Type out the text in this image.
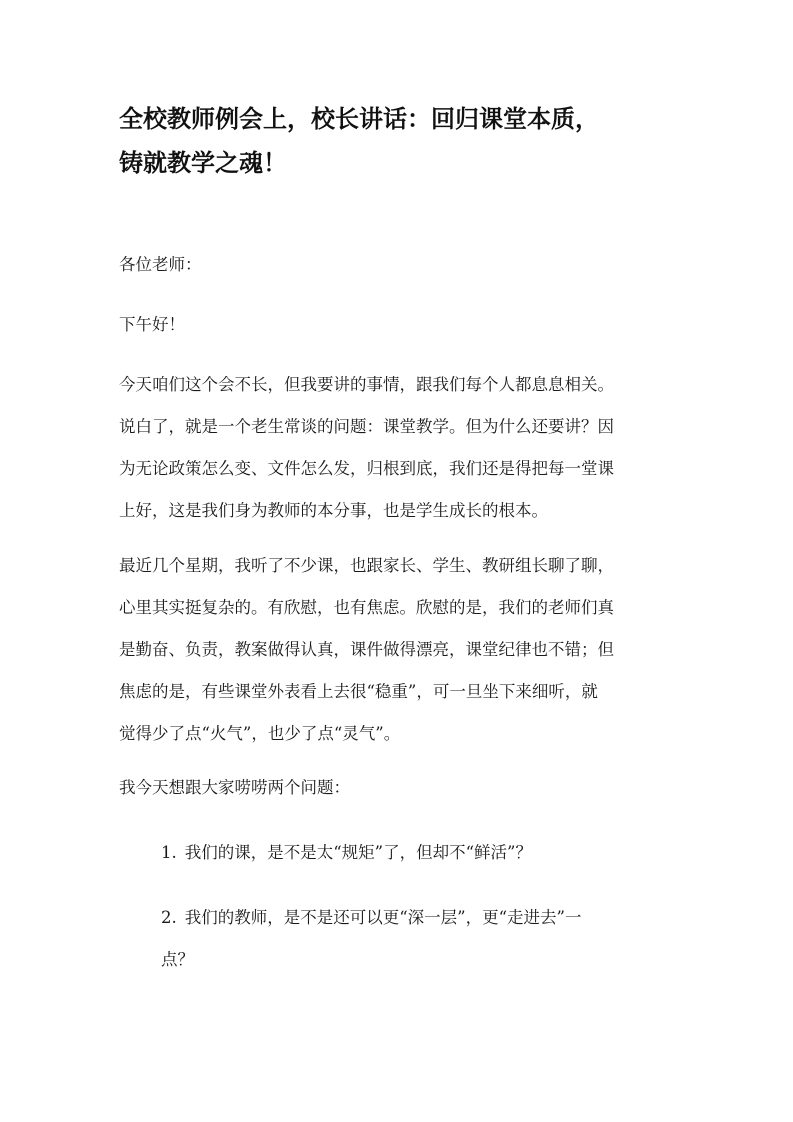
全校教师例会上，校长讲话：回归课堂本质，
铸就教学之魂！

各位老师：

下午好！

今天咱们这个会不长，但我要讲的事情，跟我们每个人都息息相关。
说白了，就是一个老生常谈的问题：课堂教学。但为什么还要讲？因
为无论政策怎么变、文件怎么发，归根到底，我们还是得把每一堂课
上好，这是我们身为教师的本分事，也是学生成长的根本。

最近几个星期，我听了不少课，也跟家长、学生、教研组长聊了聊，
心里其实挺复杂的。有欣慰，也有焦虑。欣慰的是，我们的老师们真
是勤奋、负责，教案做得认真，课件做得漂亮，课堂纪律也不错；但
焦虑的是，有些课堂外表看上去很“稳重”，可一旦坐下来细听，就
觉得少了点“火气”，也少了点“灵气”。

我今天想跟大家唠唠两个问题：

1. 我们的课，是不是太“规矩”了，但却不“鲜活”？
2. 我们的教师，是不是还可以更“深一层”，更“走进去”一
点？
